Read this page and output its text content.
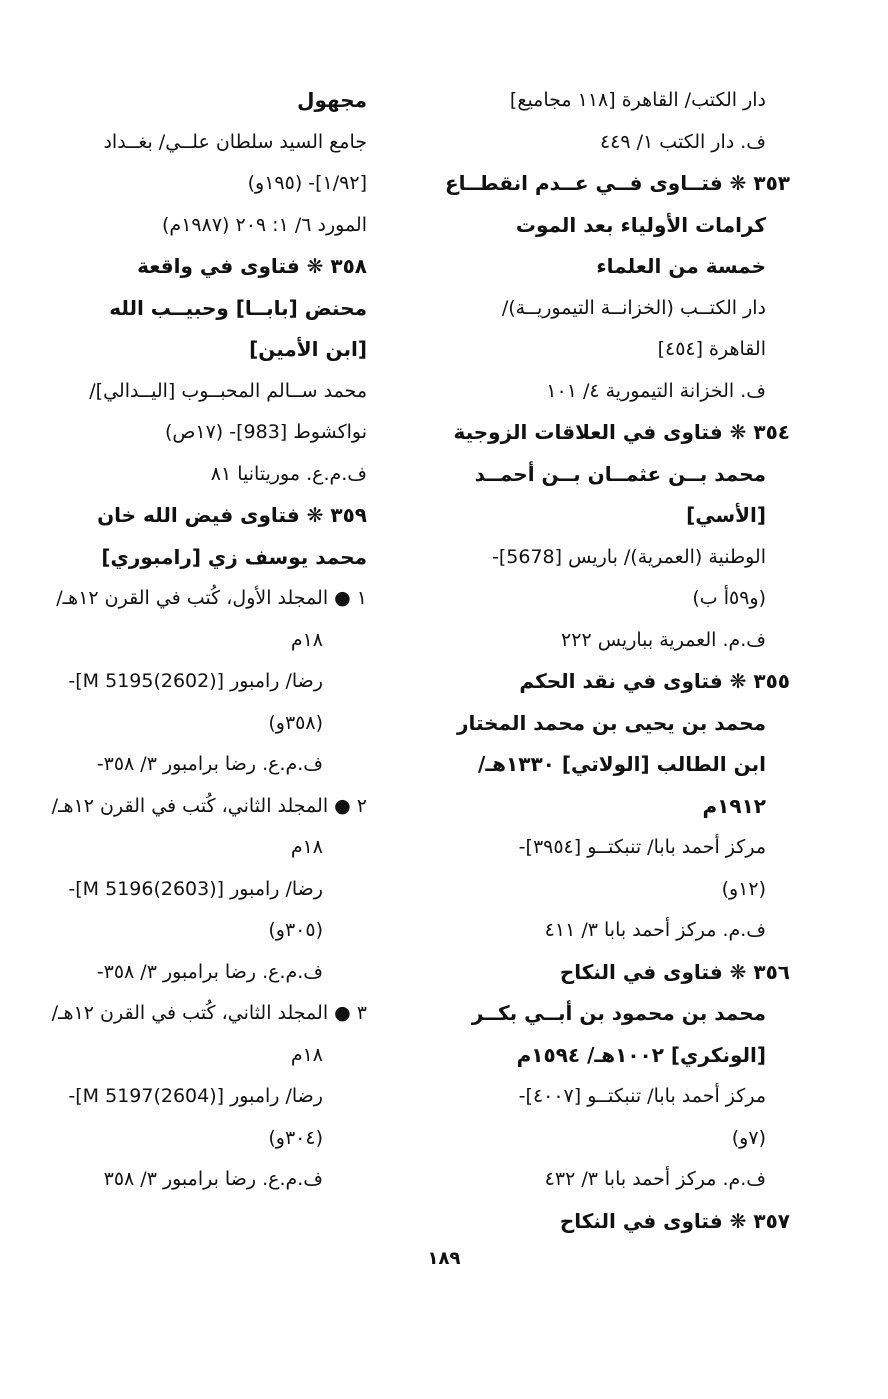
دار الكتب/ القاهرة [١١٨ مجاميع]
ف. دار الكتب ١/ ٤٤٩
٣٥٣ ❋ فتــاوى فــي عــدم انقطــاع
كرامات الأولياء بعد الموت
خمسة من العلماء
دار الكتــب (الخزانــة التيموريــة)/
القاهرة [٤٥٤]
ف. الخزانة التيمورية ٤/ ١٠١
٣٥٤ ❋ فتاوى في العلاقات الزوجية
محمد بــن عثمــان بــن أحمــد
[الأسي]
الوطنية (العمرية)/ باريس [5678]-
(و٥٩أ ب)
ف.م. العمرية بباريس ٢٢٢
٣٥٥ ❋ فتاوى في نقد الحكم
محمد بن يحيى بن محمد المختار
ابن الطالب [الولاتي] ١٣٣٠هـ/
١٩١٢م
مركز أحمد بابا/ تنبكتــو [٣٩٥٤]-
(١٢و)
ف.م. مركز أحمد بابا ٣/ ٤١١
٣٥٦ ❋ فتاوى في النكاح
محمد بن محمود بن أبــي بكــر
[الونكري] ١٠٠٢هـ/ ١٥٩٤م
مركز أحمد بابا/ تنبكتــو [٤٠٠٧]-
(٧و)
ف.م. مركز أحمد بابا ٣/ ٤٣٢
٣٥٧ ❋ فتاوى في النكاح
مجهول
جامع السيد سلطان علــي/ بغــداد
[١/٩٢]- (١٩٥و)
المورد ٦/ ١: ٢٠٩ (١٩٨٧م)
٣٥٨ ❋ فتاوى في واقعة
محنض [بابــا] وحبيــب الله
[ابن الأمين]
محمد ســالم المحبــوب [اليــدالي]/
نواكشوط [983]- (١٧ص)
ف.م.ع. موريتانيا ٨١
٣٥٩ ❋ فتاوى فيض الله خان
محمد يوسف زي [رامبوري]
١ ● المجلد الأول، كُتب في القرن ١٢هـ/
١٨م
رضا/ رامبور [M 5195(2602)]-
(٣٥٨و)
ف.م.ع. رضا برامبور ٣/ ٣٥٨-
٢ ● المجلد الثاني، كُتب في القرن ١٢هـ/
١٨م
رضا/ رامبور [M 5196(2603)]-
(٣٠٥و)
ف.م.ع. رضا برامبور ٣/ ٣٥٨-
٣ ● المجلد الثاني، كُتب في القرن ١٢هـ/
١٨م
رضا/ رامبور [M 5197(2604)]-
(٣٠٤و)
ف.م.ع. رضا برامبور ٣/ ٣٥٨
١٨٩
